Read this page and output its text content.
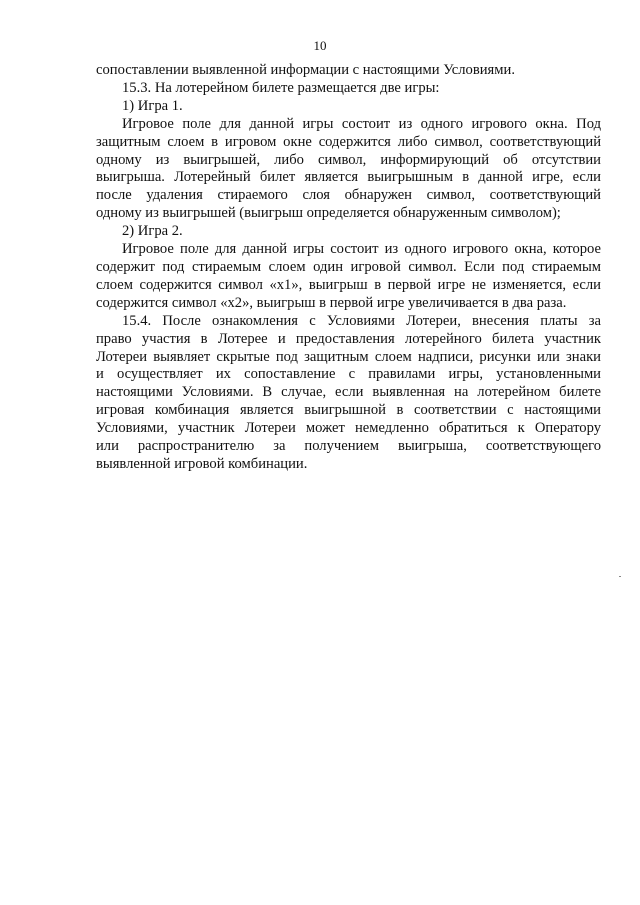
10
сопоставлении выявленной информации с настоящими Условиями.
15.3. На лотерейном билете размещается две игры:
1) Игра 1.
Игровое поле для данной игры состоит из одного игрового окна. Под
защитным слоем в игровом окне содержится либо символ, соответствующий
одному из выигрышей, либо символ, информирующий об отсутствии
выигрыша. Лотерейный билет является выигрышным в данной игре, если
после удаления стираемого слоя обнаружен символ, соответствующий
одному из выигрышей (выигрыш определяется обнаруженным символом);
2) Игра 2.
Игровое поле для данной игры состоит из одного игрового окна, которое
содержит под стираемым слоем один игровой символ. Если под стираемым
слоем содержится символ «x1», выигрыш в первой игре не изменяется, если
содержится символ «x2», выигрыш в первой игре увеличивается в два раза.
15.4. После ознакомления с Условиями Лотереи, внесения платы за
право участия в Лотерее и предоставления лотерейного билета участник
Лотереи выявляет скрытые под защитным слоем надписи, рисунки или знаки
и осуществляет их сопоставление с правилами игры, установленными
настоящими Условиями. В случае, если выявленная на лотерейном билете
игровая комбинация является выигрышной в соответствии с настоящими
Условиями, участник Лотереи может немедленно обратиться к Оператору
или распространителю за получением выигрыша, соответствующего
выявленной игровой комбинации.
